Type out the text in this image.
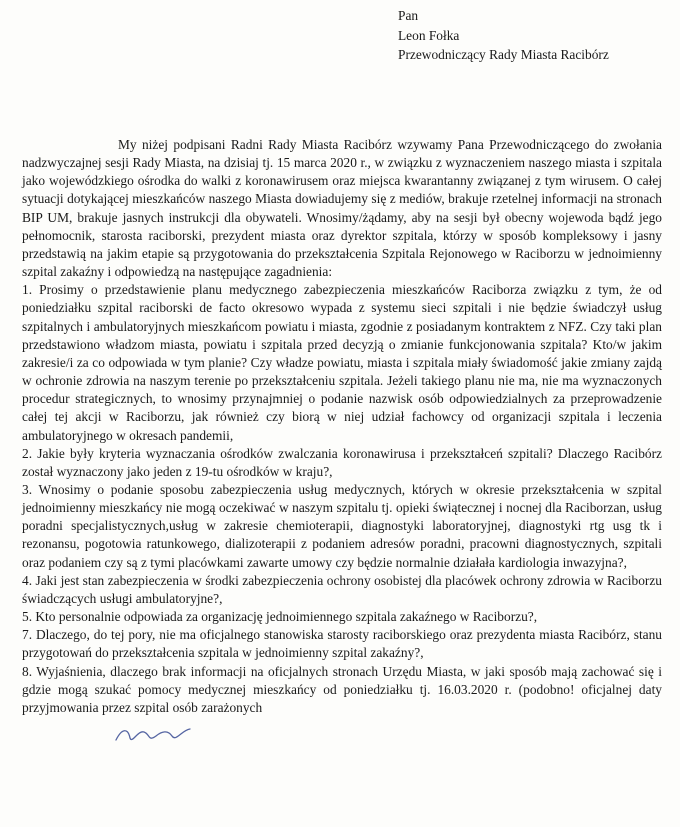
Pan
Leon Fołka
Przewodniczący Rady Miasta Racibórz

My niżej podpisani Radni Rady Miasta Racibórz wzywamy Pana Przewodniczącego do zwołania nadzwyczajnej sesji Rady Miasta, na dzisiaj tj. 15 marca 2020 r., w związku z wyznaczeniem naszego miasta i szpitala jako wojewódzkiego ośrodka do walki z koronawirusem oraz miejsca kwarantanny związanej z tym wirusem. O całej sytuacji dotykającej mieszkańców naszego Miasta dowiadujemy się z mediów, brakuje rzetelnej informacji na stronach BIP UM, brakuje jasnych instrukcji dla obywateli. Wnosimy/żądamy, aby na sesji był obecny wojewoda bądź jego pełnomocnik, starosta raciborski, prezydent miasta oraz dyrektor szpitala, którzy w sposób kompleksowy i jasny przedstawią na jakim etapie są przygotowania do przekształcenia Szpitala Rejonowego w Raciborzu w jednoimienny szpital zakaźny i odpowiedzą na następujące zagadnienia:

1. Prosimy o przedstawienie planu medycznego zabezpieczenia mieszkańców Raciborza związku z tym, że od poniedziałku szpital raciborski de facto okresowo wypada z systemu sieci szpitali i nie będzie świadczył usług szpitalnych i ambulatoryjnych mieszkańcom powiatu i miasta, zgodnie z posiadanym kontraktem z NFZ. Czy taki plan przedstawiono władzom miasta, powiatu i szpitala przed decyzją o zmianie funkcjonowania szpitala? Kto/w jakim zakresie/i za co odpowiada w tym planie? Czy władze powiatu, miasta i szpitala miały świadomość jakie zmiany zajdą w ochronie zdrowia na naszym terenie po przekształceniu szpitala. Jeżeli takiego planu nie ma, nie ma wyznaczonych procedur strategicznych, to wnosimy przynajmniej o podanie nazwisk osób odpowiedzialnych za przeprowadzenie całej tej akcji w Raciborzu, jak również czy biorą w niej udział fachowcy od organizacji szpitala i leczenia ambulatoryjnego w okresach pandemii,

2. Jakie były kryteria wyznaczania ośrodków zwalczania koronawirusa i przekształceń szpitali? Dlaczego Racibórz został wyznaczony jako jeden z 19-tu ośrodków w kraju?,

3. Wnosimy o podanie sposobu zabezpieczenia usług medycznych, których w okresie przekształcenia w szpital jednoimienny mieszkańcy nie mogą oczekiwać w naszym szpitalu tj. opieki świątecznej i nocnej dla Raciborzan, usług poradni specjalistycznych,usług w zakresie chemioterapii, diagnostyki laboratoryjnej, diagnostyki rtg usg tk i rezonansu, pogotowia ratunkowego, dializoterapii z podaniem adresów poradni, pracowni diagnostycznych, szpitali oraz podaniem czy są z tymi placówkami zawarte umowy czy będzie normalnie działała kardiologia inwazyjna?,

4. Jaki jest stan zabezpieczenia w środki zabezpieczenia ochrony osobistej dla placówek ochrony zdrowia w Raciborzu świadczących usługi ambulatoryjne?,

5. Kto personalnie odpowiada za organizację jednoimiennego szpitala zakaźnego w Raciborzu?,

7. Dlaczego, do tej pory, nie ma oficjalnego stanowiska starosty raciborskiego oraz prezydenta miasta Racibórz, stanu przygotowań do przekształcenia szpitala w jednoimienny szpital zakaźny?,

8. Wyjaśnienia, dlaczego brak informacji na oficjalnych stronach Urzędu Miasta, w jaki sposób mają zachować się i gdzie mogą szukać pomocy medycznej mieszkańcy od poniedziałku tj. 16.03.2020 r. (podobno! oficjalnej daty przyjmowania przez szpital osób zarażonych
